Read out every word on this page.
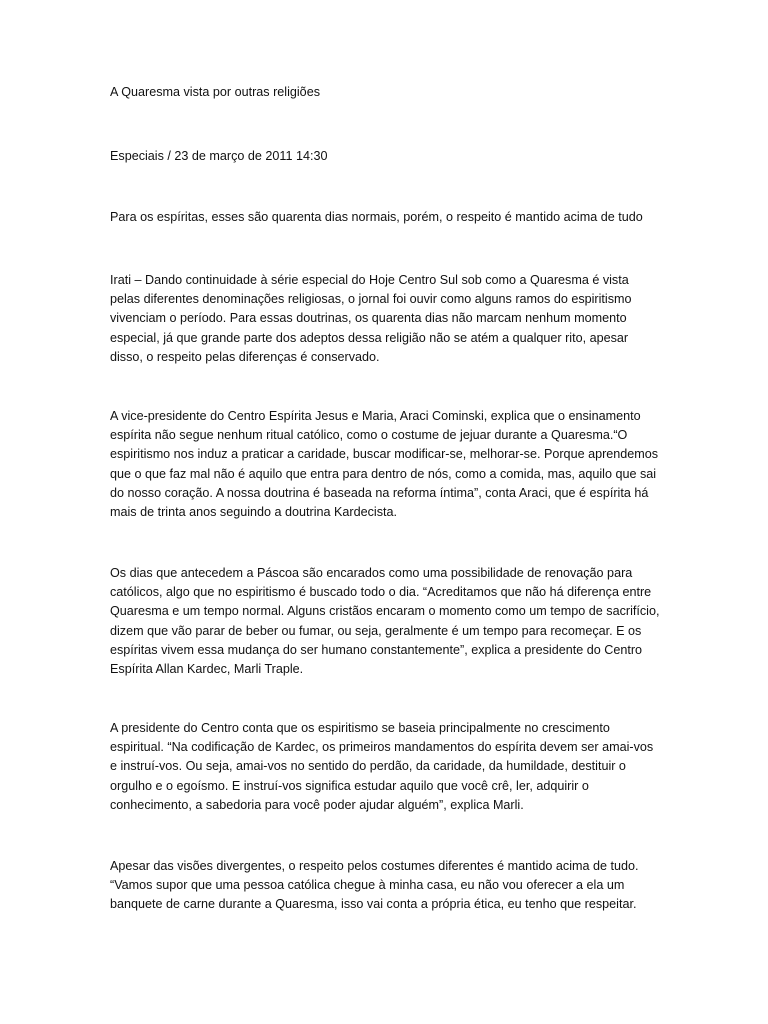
A Quaresma vista por outras religiões

Especiais / 23 de março de 2011 14:30

Para os espíritas, esses são quarenta dias normais, porém, o respeito é mantido acima de tudo

Irati – Dando continuidade à série especial do Hoje Centro Sul sob como a Quaresma é vista pelas diferentes denominações religiosas, o jornal foi ouvir como alguns ramos do espiritismo vivenciam o período. Para essas doutrinas, os quarenta dias não marcam nenhum momento especial, já que grande parte dos adeptos dessa religião não se atém a qualquer rito, apesar disso, o respeito pelas diferenças é conservado.

A vice-presidente do Centro Espírita Jesus e Maria, Araci Cominski, explica que o ensinamento espírita não segue nenhum ritual católico, como o costume de jejuar durante a Quaresma.“O espiritismo nos induz a praticar a caridade, buscar modificar-se, melhorar-se. Porque aprendemos que o que faz mal não é aquilo que entra para dentro de nós, como a comida, mas, aquilo que sai do nosso coração. A nossa doutrina é baseada na reforma íntima”, conta Araci, que é espírita há mais de trinta anos seguindo a doutrina Kardecista.

Os dias que antecedem a Páscoa são encarados como uma possibilidade de renovação para católicos, algo que no espiritismo é buscado todo o dia. “Acreditamos que não há diferença entre Quaresma e um tempo normal. Alguns cristãos encaram o momento como um tempo de sacrifício, dizem que vão parar de beber ou fumar, ou seja, geralmente é um tempo para recomeçar. E os espíritas vivem essa mudança do ser humano constantemente”, explica a presidente do Centro Espírita Allan Kardec, Marli Traple.

A presidente do Centro conta que os espiritismo se baseia principalmente no crescimento espiritual. “Na codificação de Kardec, os primeiros mandamentos do espírita devem ser amai-vos e instruí-vos. Ou seja, amai-vos no sentido do perdão, da caridade, da humildade, destituir o orgulho e o egoísmo. E instruí-vos significa estudar aquilo que você crê, ler, adquirir o conhecimento, a sabedoria para você poder ajudar alguém”, explica Marli.

Apesar das visões divergentes, o respeito pelos costumes diferentes é mantido acima de tudo. “Vamos supor que uma pessoa católica chegue à minha casa, eu não vou oferecer a ela um banquete de carne durante a Quaresma, isso vai conta a própria ética, eu tenho que respeitar.
